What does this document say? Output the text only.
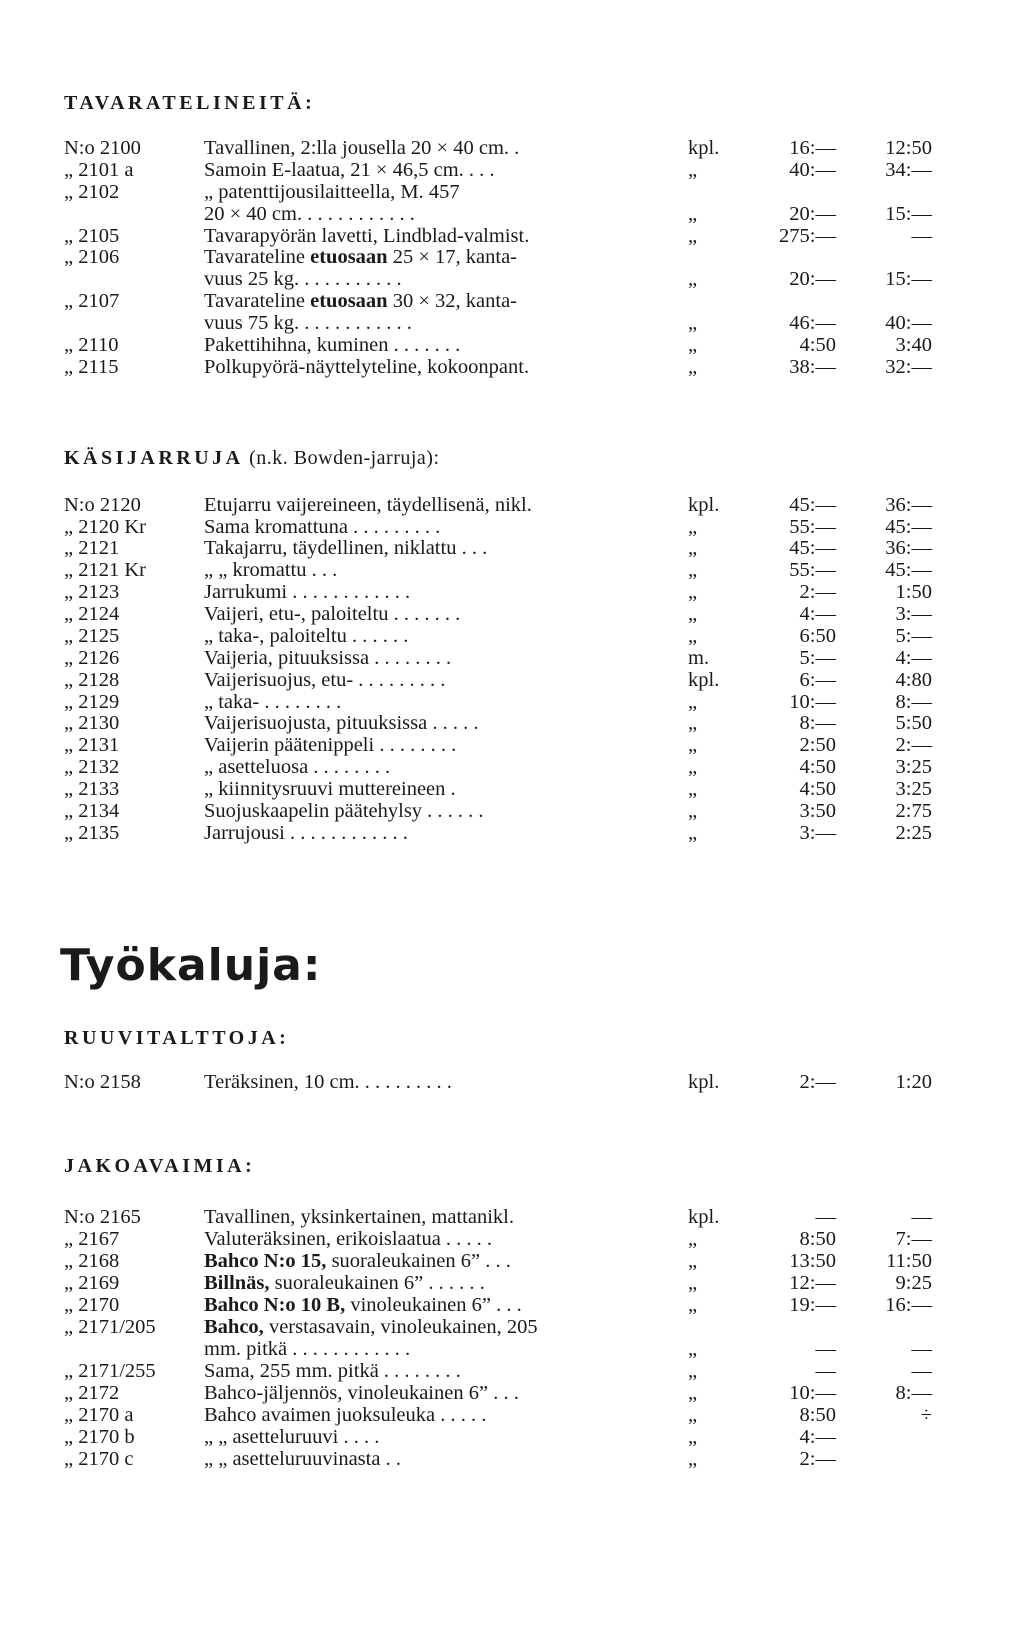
TAVARATELINEITÄ:
N:o 2100	Tavallinen, 2:lla jousella 20 × 40 cm. .	kpl.	16:— 12:50
„ 2101 a	Samoin E-laatua, 21 × 46,5 cm. . . .	„	40:— 34:—
„ 2102	„ patenttijousilaitteella, M. 457
20 × 40 cm. . . . . . . . . . . .	„	20:— 15:—
„ 2105	Tavarapyörän lavetti, Lindblad-valmist.	„	275:—	—
„ 2106	Tavarateline etuosaan 25 × 17, kanta-
vuus 25 kg. . . . . . . . . . .	„	20:— 15:—
„ 2107	Tavarateline etuosaan 30 × 32, kanta-
vuus 75 kg. . . . . . . . . . . .	„	46:— 40:—
„ 2110	Pakettihihna, kuminen . . . . . . .	„	4:50	3:40
„ 2115	Polkupyörä-näyttelyteline, kokoonpant.	„	38:— 32:—
KÄSIJARRUJA (n.k. Bowden-jarruja):
N:o 2120	Etujarru vaijereineen, täydellisenä, nikl.	kpl.	45:— 36:—
„ 2120 Kr	Sama kromattuna . . . . . . . . .	„	55:— 45:—
„ 2121	Takajarru, täydellinen, niklattu . . .	„	45:— 36:—
„ 2121 Kr	„ „ kromattu . . .	„	55:— 45:—
„ 2123	Jarrukumi . . . . . . . . . . . .	„	2:—	1:50
„ 2124	Vaijeri, etu-, paloiteltu . . . . . . .	„	4:—	3:—
„ 2125	„ taka-, paloiteltu . . . . . .	„	6:50	5:—
„ 2126	Vaijeria, pituuksissa . . . . . . . .	m.	5:—	4:—
„ 2128	Vaijerisuojus, etu- . . . . . . . . .	kpl.	6:—	4:80
„ 2129	„ taka- . . . . . . . .	„	10:—	8:—
„ 2130	Vaijerisuojusta, pituuksissa . . . . .	„	8:—	5:50
„ 2131	Vaijerin päätenippeli . . . . . . . .	„	2:50	2:—
„ 2132	„ asetteluosa . . . . . . . .	„	4:50	3:25
„ 2133	„ kiinnitysruuvi muttereineen .	„	4:50	3:25
„ 2134	Suojuskaapelin päätehylsy . . . . . .	„	3:50	2:75
„ 2135	Jarrujousi . . . . . . . . . . . .	„	3:—	2:25
RUUVITALTTOJA:
N:o 2158	Teräksinen, 10 cm. . . . . . . . . .	kpl.	2:—	1:20
JAKOAVAIMIA:
N:o 2165	Tavallinen, yksinkertainen, mattanikl.	kpl.	—	—
„ 2167	Valuteräksinen, erikoislaatua . . . . .	„	8:50	7:—
„ 2168	Bahco N:o 15, suoraleukainen 6” . . .	„	13:50 11:50
„ 2169	Billnäs, suoraleukainen 6” . . . . . .	„	12:—	9:25
„ 2170	Bahco N:o 10 B, vinoleukainen 6” . . .	„	19:— 16:—
„ 2171/205 Bahco, verstasavain, vinoleukainen, 205
mm. pitkä . . . . . . . . . . . .	„	—	—
„ 2171/255 Sama, 255 mm. pitkä . . . . . . . .	„	—	—
„ 2172	Bahco-jäljennös, vinoleukainen 6” . . .	„	10:—	8:—
„ 2170 a	Bahco avaimen juoksuleuka . . . . .	„	8:50	÷
„ 2170 b	„ „ asetteluruuvi . . . .	„	4:—
„ 2170 c	„ „ asetteluruuvinasta . .	„	2:—
Työkaluja:
